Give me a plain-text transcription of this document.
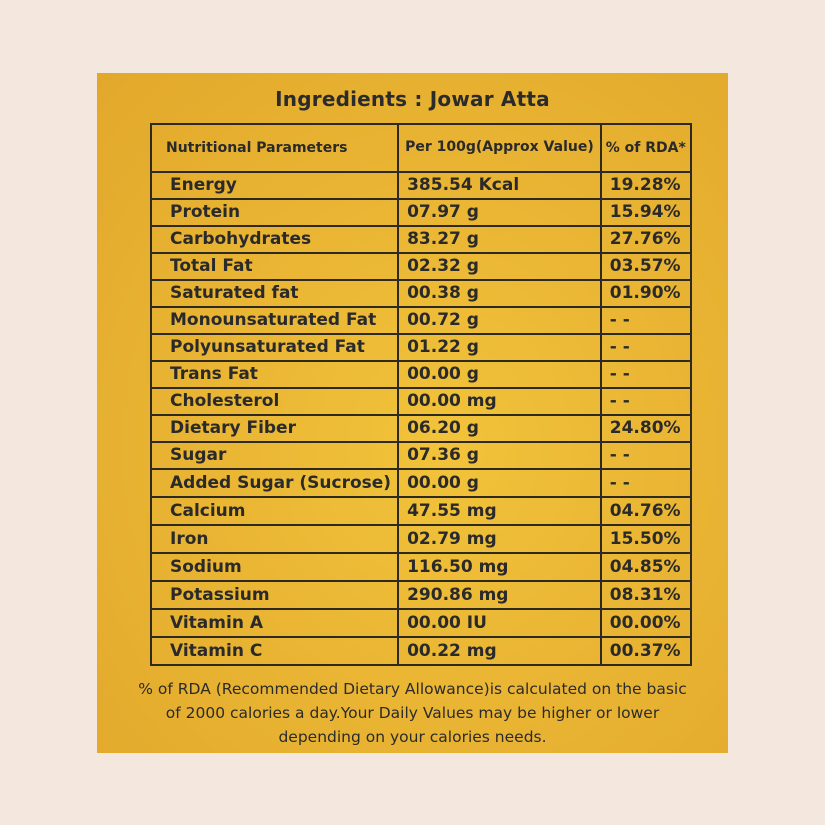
Ingredients : Jowar Atta
Nutritional Parameters	Per 100g(Approx Value)	% of RDA*
Energy	385.54 Kcal	19.28%
Protein	07.97 g	15.94%
Carbohydrates	83.27 g	27.76%
Total Fat	02.32 g	03.57%
Saturated fat	00.38 g	01.90%
Monounsaturated Fat	00.72 g	- -
Polyunsaturated Fat	01.22 g	- -
Trans Fat	00.00 g	- -
Cholesterol	00.00 mg	- -
Dietary Fiber	06.20 g	24.80%
Sugar	07.36 g	- -
Added Sugar (Sucrose)	00.00 g	- -
Calcium	47.55 mg	04.76%
Iron	02.79 mg	15.50%
Sodium	116.50 mg	04.85%
Potassium	290.86 mg	08.31%
Vitamin A	00.00 IU	00.00%
Vitamin C	00.22 mg	00.37%
% of RDA (Recommended Dietary Allowance)is calculated on the basic
of 2000 calories a day.Your Daily Values may be higher or lower
depending on your calories needs.
